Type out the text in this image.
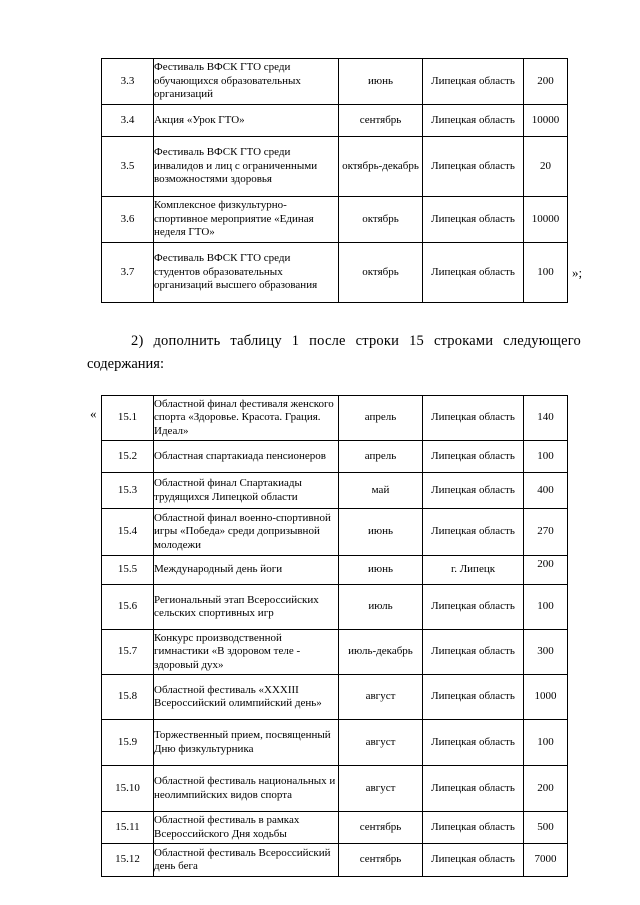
3.3	Фестиваль ВФСК ГТО среди обучающихся образовательных организаций	июнь	Липецкая область	200
3.4	Акция «Урок ГТО»	сентябрь	Липецкая область	10000
3.5	Фестиваль ВФСК ГТО среди инвалидов и лиц с ограниченными возможностями здоровья	октябрь-декабрь	Липецкая область	20
3.6	Комплексное физкультурно-спортивное мероприятие «Единая неделя ГТО»	октябрь	Липецкая область	10000
3.7	Фестиваль ВФСК ГТО среди студентов образовательных организаций высшего образования	октябрь	Липецкая область	100 »;

2) дополнить таблицу 1 после строки 15 строками следующего

содержания:

« 15.1	Областной финал фестиваля женского спорта «Здоровье. Красота. Грация. Идеал»	апрель	Липецкая область	140
15.2	Областная спартакиада пенсионеров	апрель	Липецкая область	100
15.3	Областной финал Спартакиады трудящихся Липецкой области	май	Липецкая область	400
15.4	Областной финал военно-спортивной игры «Победа» среди допризывной молодежи	июнь	Липецкая область	270
15.5	Международный день йоги	июнь	г. Липецк	200
15.6	Региональный этап Всероссийских сельских спортивных игр	июль	Липецкая область	100
15.7	Конкурс производственной гимнастики «В здоровом теле - здоровый дух»	июль-декабрь	Липецкая область	300
15.8	Областной фестиваль «XXXIII Всероссийский олимпийский день»	август	Липецкая область	1000
15.9	Торжественный прием, посвященный Дню физкультурника	август	Липецкая область	100
15.10	Областной фестиваль национальных и неолимпийских видов спорта	август	Липецкая область	200
15.11	Областной фестиваль в рамках Всероссийского Дня ходьбы	сентябрь	Липецкая область	500
15.12	Областной фестиваль Всероссийский день бега	сентябрь	Липецкая область	7000
